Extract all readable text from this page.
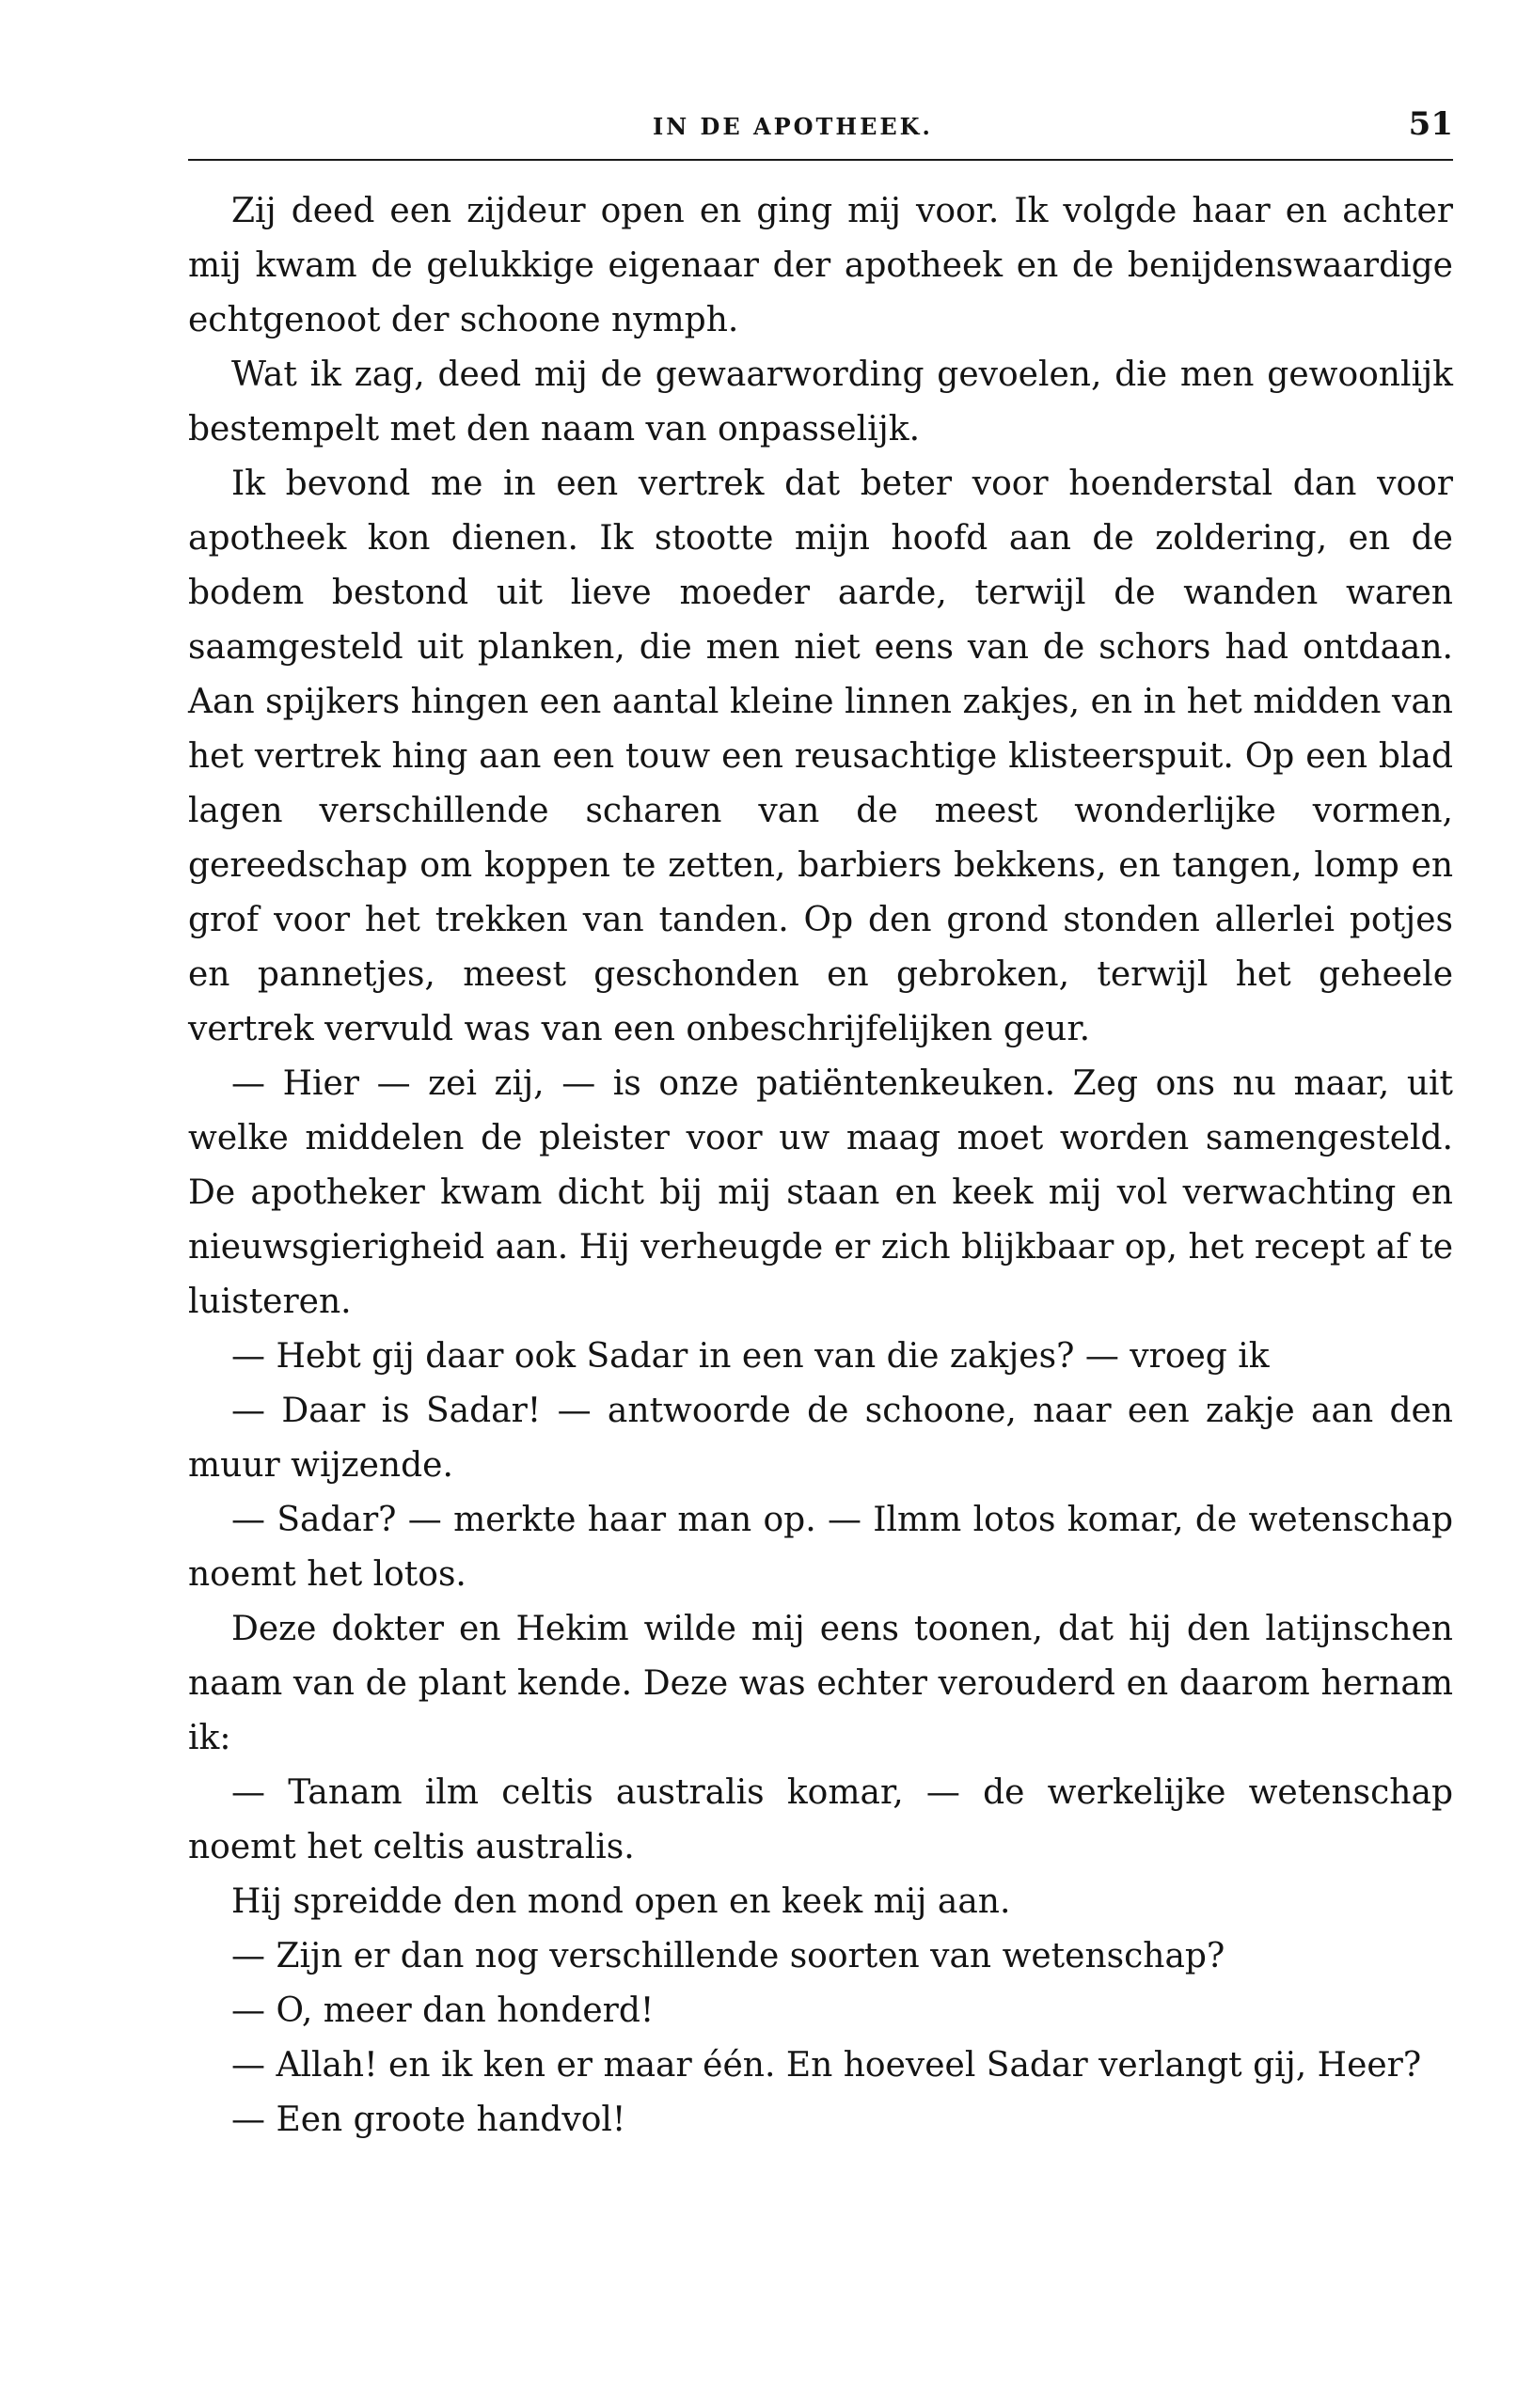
IN DE APOTHEEK.	51

Zij deed een zijdeur open en ging mij voor. Ik volgde haar en achter mij kwam de gelukkige eigenaar der apotheek en de benijdenswaardige echtgenoot der schoone nymph.

Wat ik zag, deed mij de gewaarwording gevoelen, die men gewoonlijk bestempelt met den naam van onpasselijk.

Ik bevond me in een vertrek dat beter voor hoenderstal dan voor apotheek kon dienen. Ik stootte mijn hoofd aan de zoldering, en de bodem bestond uit lieve moeder aarde, terwijl de wanden waren saamgesteld uit planken, die men niet eens van de schors had ontdaan. Aan spijkers hingen een aantal kleine linnen zakjes, en in het midden van het vertrek hing aan een touw een reusachtige klisteerspuit. Op een blad lagen verschillende scharen van de meest wonderlijke vormen, gereedschap om koppen te zetten, barbiers bekkens, en tangen, lomp en grof voor het trekken van tanden. Op den grond stonden allerlei potjes en pannetjes, meest geschonden en gebroken, terwijl het geheele vertrek vervuld was van een onbeschrijfelijken geur.

— Hier — zei zij, — is onze patiëntenkeuken. Zeg ons nu maar, uit welke middelen de pleister voor uw maag moet worden samengesteld. De apotheker kwam dicht bij mij staan en keek mij vol verwachting en nieuwsgierigheid aan. Hij verheugde er zich blijkbaar op, het recept af te luisteren.

— Hebt gij daar ook Sadar in een van die zakjes? — vroeg ik

— Daar is Sadar! — antwoorde de schoone, naar een zakje aan den muur wijzende.

— Sadar? — merkte haar man op. — Ilmm lotos komar, de wetenschap noemt het lotos.

Deze dokter en Hekim wilde mij eens toonen, dat hij den latijnschen naam van de plant kende. Deze was echter verouderd en daarom hernam ik:

— Tanam ilm celtis australis komar, — de werkelijke wetenschap noemt het celtis australis.

Hij spreidde den mond open en keek mij aan.

— Zijn er dan nog verschillende soorten van wetenschap?

— O, meer dan honderd!

— Allah! en ik ken er maar één. En hoeveel Sadar verlangt gij, Heer?

— Een groote handvol!
